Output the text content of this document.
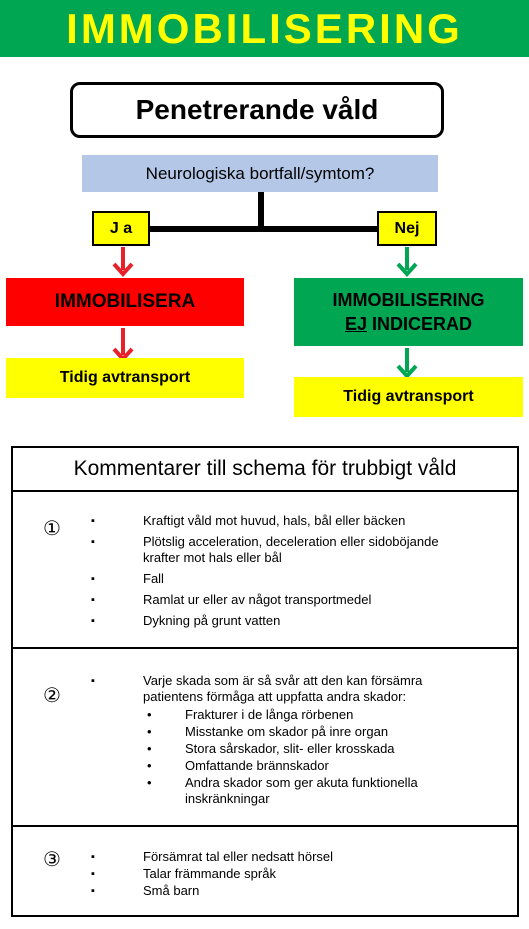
IMMOBILISERING
Penetrerande våld
Neurologiska bortfall/symtom?
J a	Nej
IMMOBILISERA	IMMOBILISERING
EJ INDICERAD
Tidig avtransport
Tidig avtransport
Kommentarer till schema för trubbigt våld
①	▪ Kraftigt våld mot huvud, hals, bål eller bäcken
▪ Plötslig acceleration, deceleration eller sidoböjande krafter mot hals eller bål
▪ Fall
▪ Ramlat ur eller av något transportmedel
▪ Dykning på grunt vatten
②
▪ Varje skada som är så svår att den kan försämra patientens förmåga att uppfatta andra skador:
• Frakturer i de långa rörbenen
• Misstanke om skador på inre organ
• Stora sårskador, slit- eller krosskada
• Omfattande brännskador
• Andra skador som ger akuta funktionella inskränkningar
③	▪ Försämrat tal eller nedsatt hörsel
▪ Talar främmande språk
▪ Små barn
